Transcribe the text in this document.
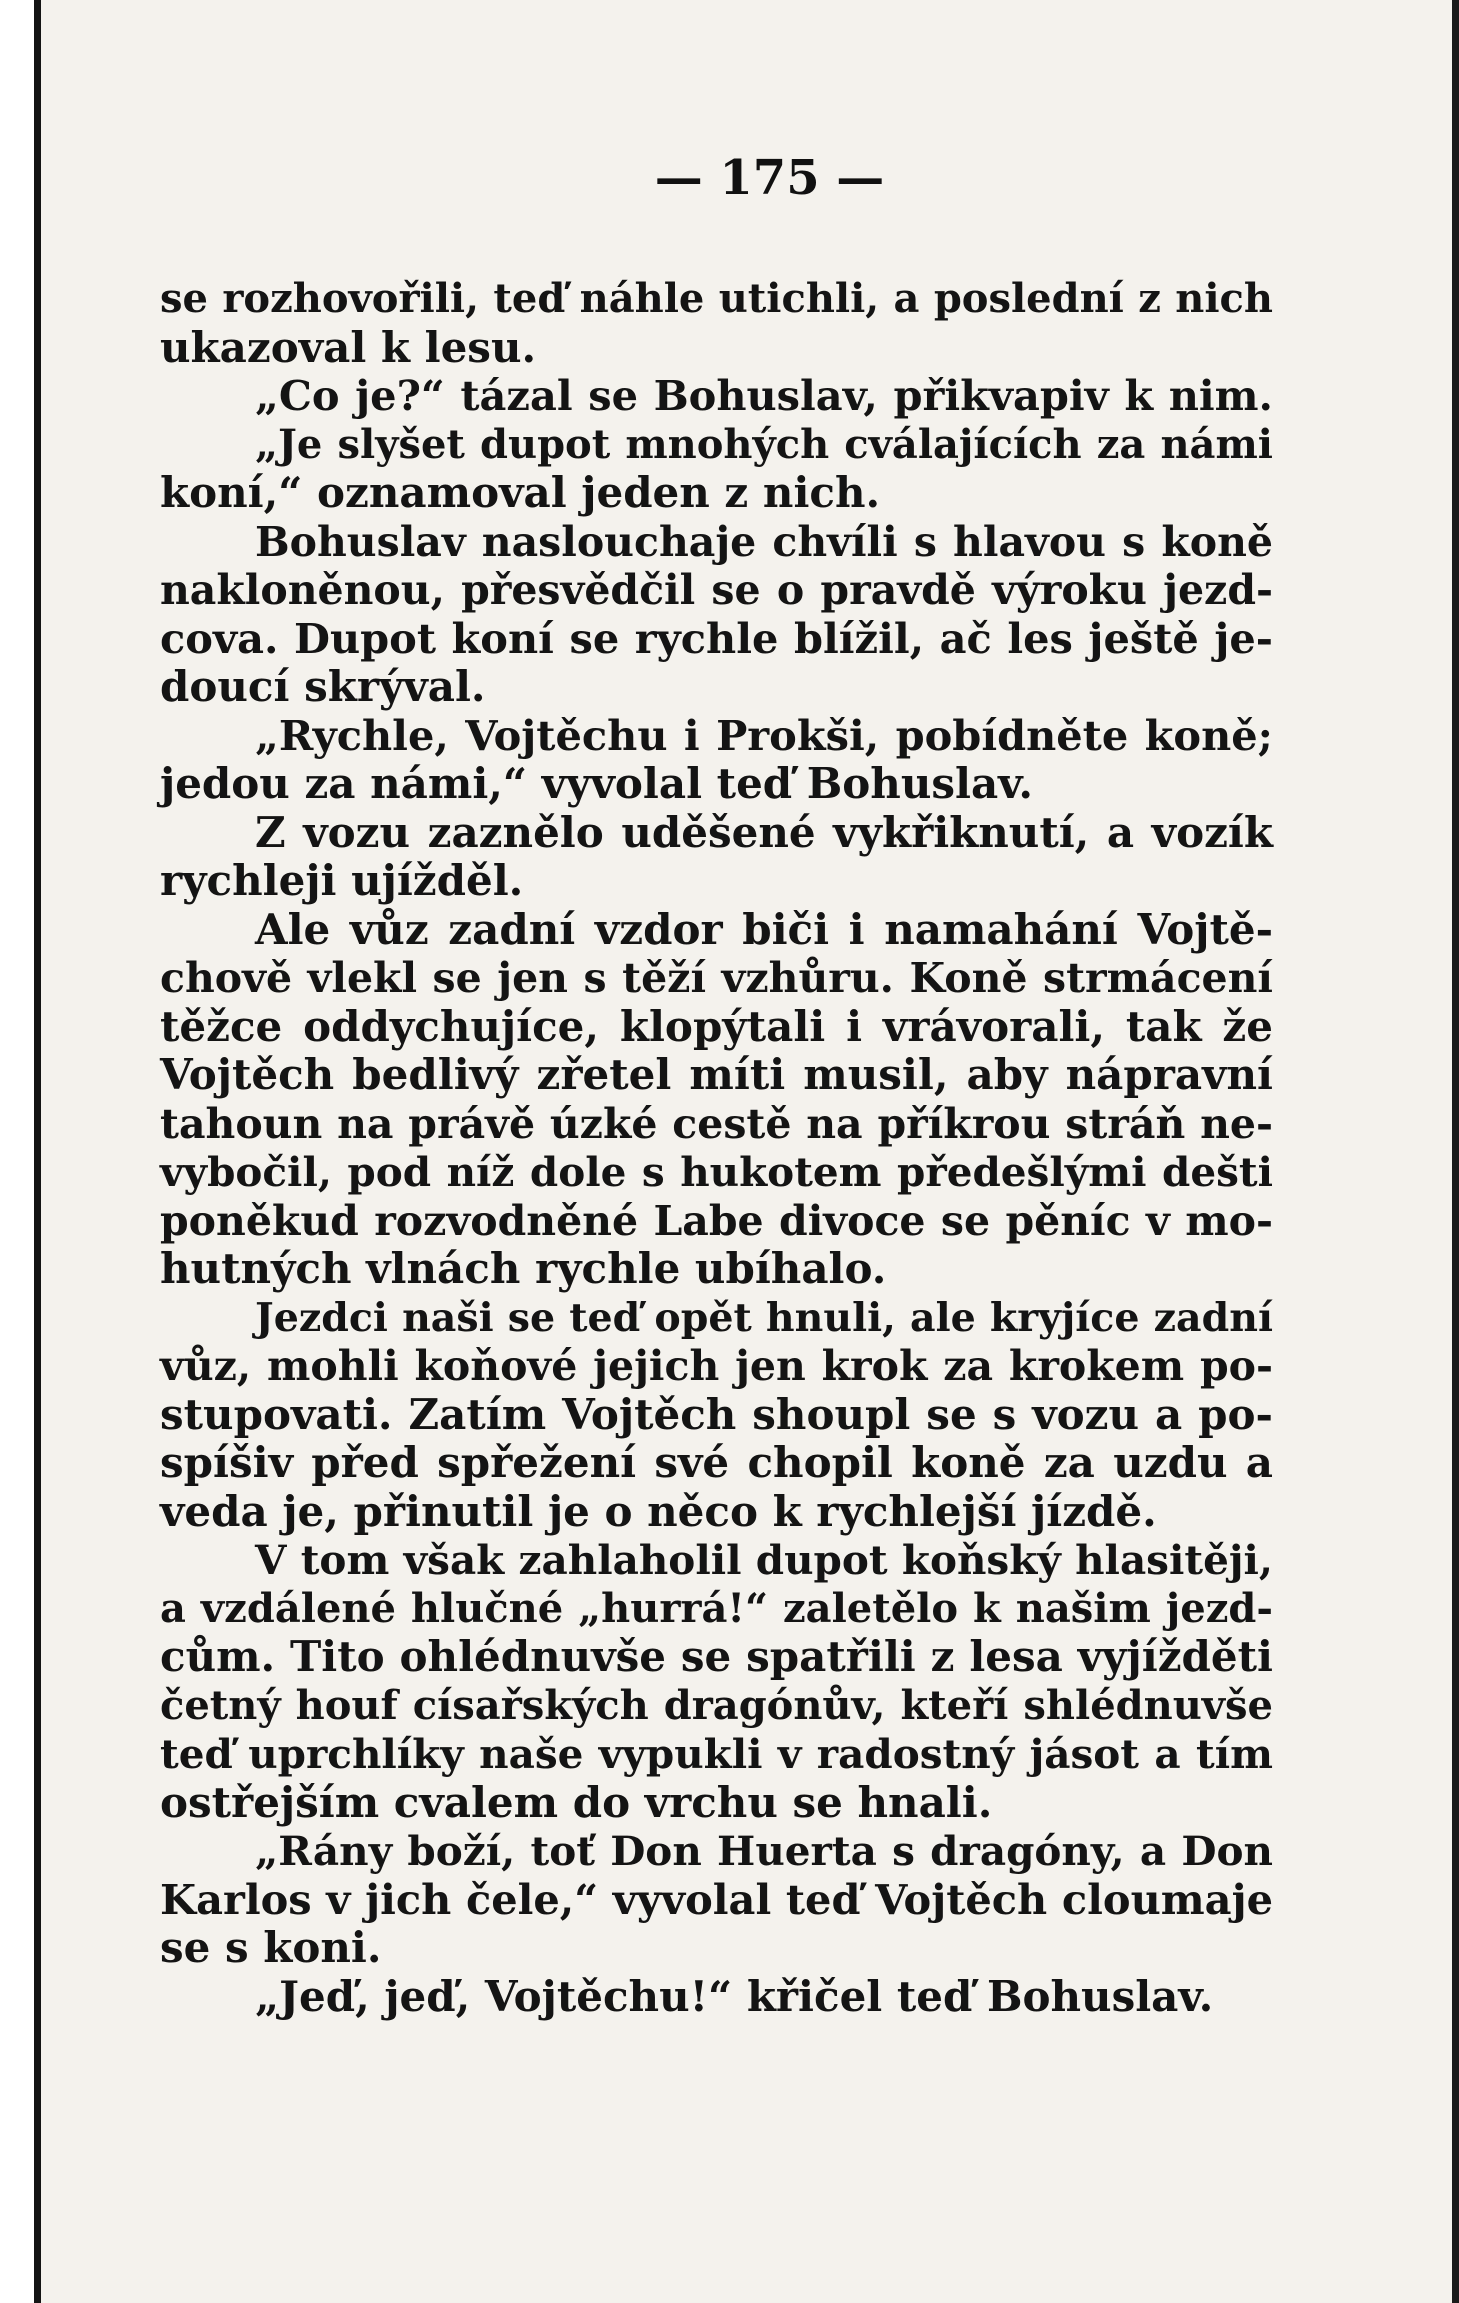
— 175 —
se rozhovořili, teď náhle utichli, a poslední z nich
ukazoval k lesu.
„Co je?“ tázal se Bohuslav, přikvapiv k nim.
„Je slyšet dupot mnohých cválajících za námi
koní,“ oznamoval jeden z nich.
Bohuslav naslouchaje chvíli s hlavou s koně
nakloněnou, přesvědčil se o pravdě výroku jezd-
cova. Dupot koní se rychle blížil, ač les ještě je-
doucí skrýval.
„Rychle, Vojtěchu i Prokši, pobídněte koně;
jedou za námi,“ vyvolal teď Bohuslav.
Z vozu zaznělo uděšené vykřiknutí, a vozík
rychleji ujížděl.
Ale vůz zadní vzdor biči i namahání Vojtě-
chově vlekl se jen s těží vzhůru. Koně strmácení
těžce oddychujíce, klopýtali i vrávorali, tak že
Vojtěch bedlivý zřetel míti musil, aby nápravní
tahoun na právě úzké cestě na příkrou stráň ne-
vybočil, pod níž dole s hukotem předešlými dešti
poněkud rozvodněné Labe divoce se pěníc v mo-
hutných vlnách rychle ubíhalo.
Jezdci naši se teď opět hnuli, ale kryjíce zadní
vůz, mohli koňové jejich jen krok za krokem po-
stupovati. Zatím Vojtěch shoupl se s vozu a po-
spíšiv před spřežení své chopil koně za uzdu a
veda je, přinutil je o něco k rychlejší jízdě.
V tom však zahlaholil dupot koňský hlasitěji,
a vzdálené hlučné „hurrá!“ zaletělo k našim jezd-
cům. Tito ohlédnuvše se spatřili z lesa vyjížděti
četný houf císařských dragónův, kteří shlédnuvše
teď uprchlíky naše vypukli v radostný jásot a tím
ostřejším cvalem do vrchu se hnali.
„Rány boží, toť Don Huerta s dragóny, a Don
Karlos v jich čele,“ vyvolal teď Vojtěch cloumaje
se s koni.
„Jeď, jeď, Vojtěchu!“ křičel teď Bohuslav.
